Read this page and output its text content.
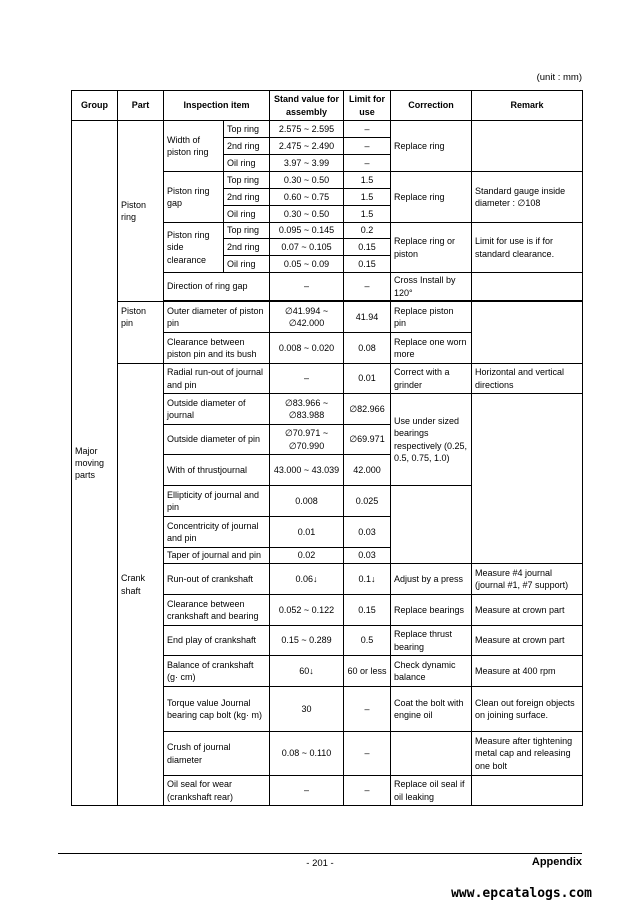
(unit : mm)
Group	Part	Inspection item		Stand value for assembly	Limit for use	Correction	Remark
Major moving parts	Piston ring	Width of piston ring	Top ring	2.575 ~ 2.595	–	Replace ring	
			2nd ring	2.475 ~ 2.490	–		
			Oil ring	3.97 ~ 3.99	–		
		Piston ring gap	Top ring	0.30 ~ 0.50	1.5	Replace ring	Standard gauge inside diameter : ∅108
			2nd ring	0.60 ~ 0.75	1.5		
			Oil ring	0.30 ~ 0.50	1.5		
		Piston ring side clearance	Top ring	0.095 ~ 0.145	0.2	Replace ring or piston	Limit for use is if for standard clearance.
			2nd ring	0.07 ~ 0.105	0.15		
			Oil ring	0.05 ~ 0.09	0.15		
		Direction of ring gap		–	–	Cross Install by 120°	

	Piston pin	Outer diameter of piston pin		∅41.994 ~ ∅42.000	41.94	Replace piston pin	
		Clearance between piston pin and its bush		0.008 ~ 0.020	0.08	Replace one worn more	
	Crank shaft	Radial run-out of journal and pin		–	0.01	Correct with a grinder	Horizontal and vertical directions
		Outside diameter of journal		∅83.966 ~ ∅83.988	∅82.966	Use under sized bearings respectively (0.25, 0.5, 0.75, 1.0)	
		Outside diameter of pin		∅70.971 ~ ∅70.990	∅69.971		
		With of thrustjournal		43.000 ~ 43.039	42.000		
		Ellipticity of journal and pin		0.008	0.025		
		Concentricity of journal and pin		0.01	0.03		
		Taper of journal and pin		0.02	0.03		
		Run-out of crankshaft		0.06↓	0.1↓	Adjust by a press	Measure #4 journal (journal #1, #7 support)
		Clearance between crankshaft and bearing		0.052 ~ 0.122	0.15	Replace bearings	Measure at crown part
		End play of crankshaft		0.15 ~ 0.289	0.5	Replace thrust bearing	Measure at crown part
		Balance of crankshaft (g· cm)		60↓	60 or less	Check dynamic balance	Measure at 400 rpm
		Torque value Journal bearing cap bolt (kg· m)		30	–	Coat the bolt with engine oil	Clean out foreign objects on joining surface.
		Crush of journal diameter		0.08 ~ 0.110	–		Measure after tightening metal cap and releasing one bolt
		Oil seal for wear (crankshaft rear)		–	–	Replace oil seal if oil leaking	
- 201 -	Appendix
www.epcatalogs.com
